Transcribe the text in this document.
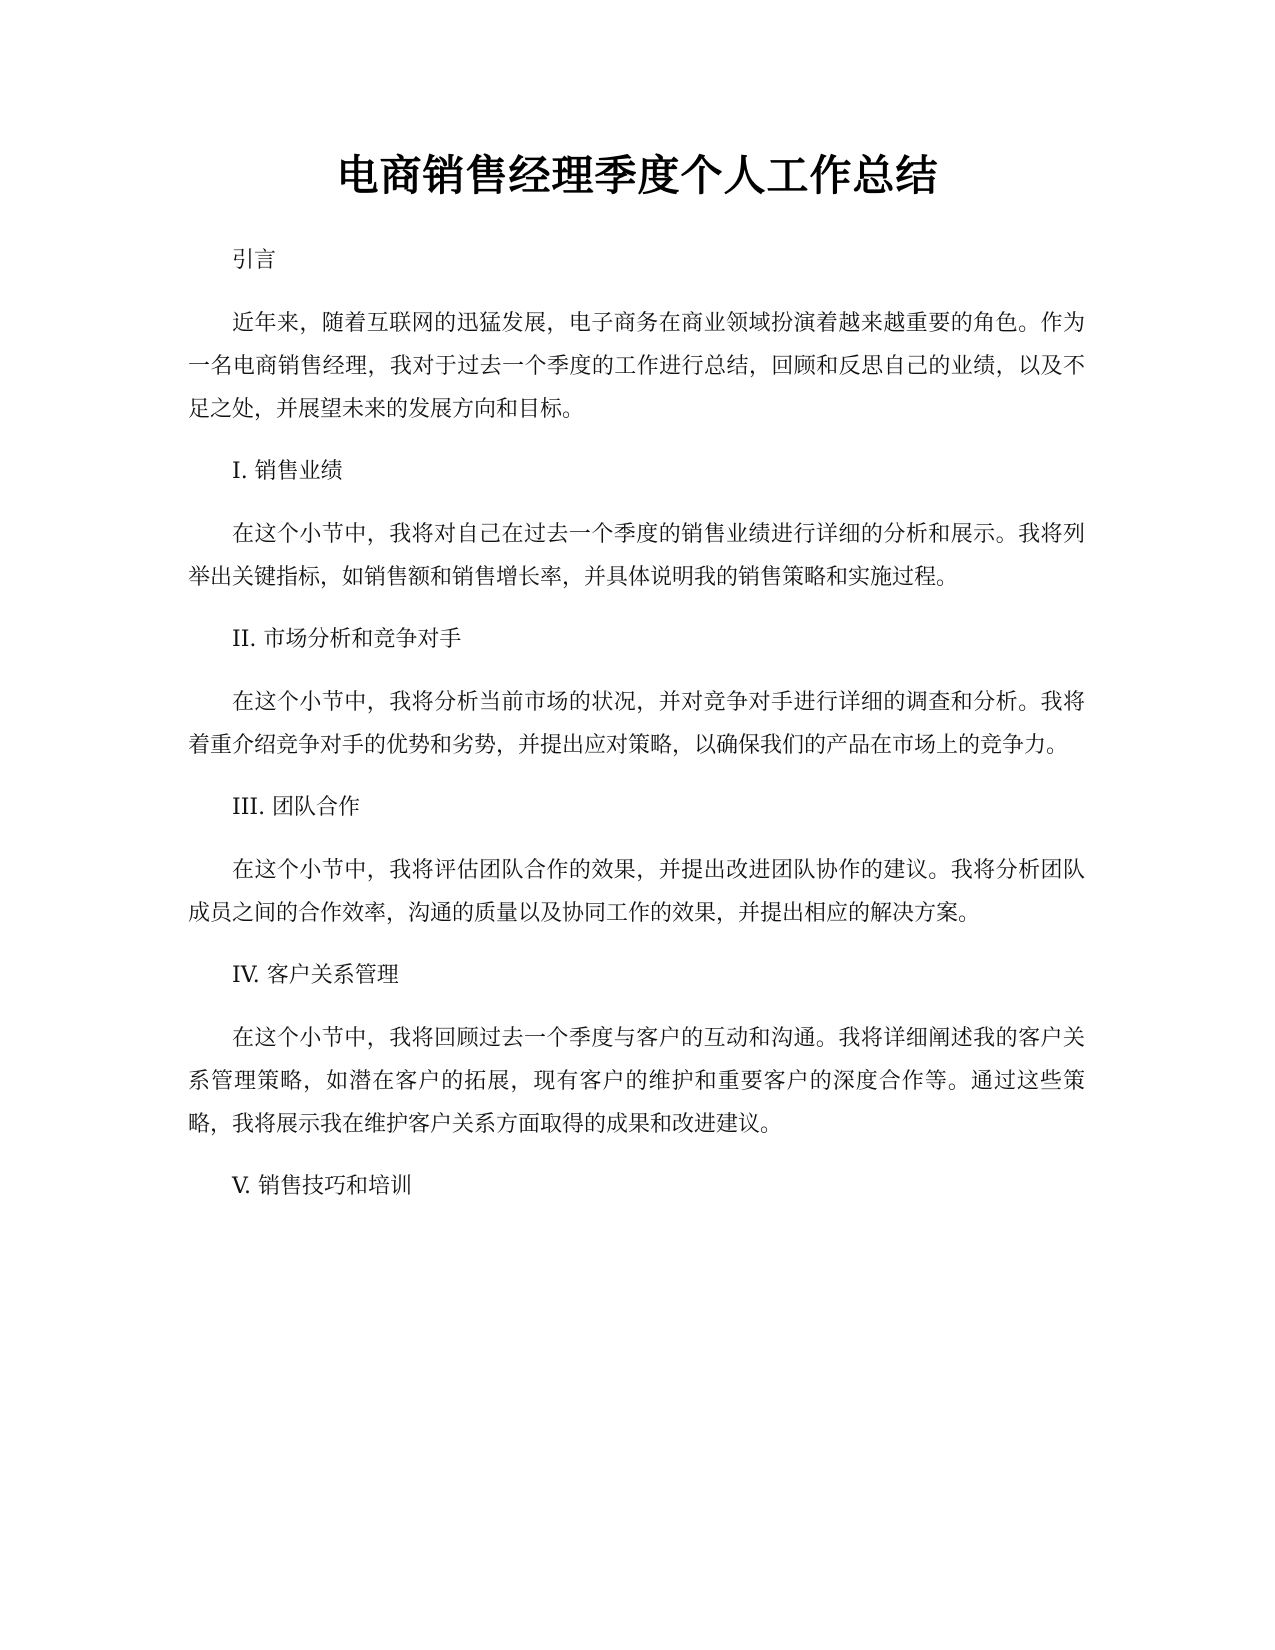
电商销售经理季度个人工作总结

引言

近年来，随着互联网的迅猛发展，电子商务在商业领域扮演着越来越重要的角色。作为一名电商销售经理，我对于过去一个季度的工作进行总结，回顾和反思自己的业绩，以及不足之处，并展望未来的发展方向和目标。

I. 销售业绩

在这个小节中，我将对自己在过去一个季度的销售业绩进行详细的分析和展示。我将列举出关键指标，如销售额和销售增长率，并具体说明我的销售策略和实施过程。

II. 市场分析和竞争对手

在这个小节中，我将分析当前市场的状况，并对竞争对手进行详细的调查和分析。我将着重介绍竞争对手的优势和劣势，并提出应对策略，以确保我们的产品在市场上的竞争力。

III. 团队合作

在这个小节中，我将评估团队合作的效果，并提出改进团队协作的建议。我将分析团队成员之间的合作效率，沟通的质量以及协同工作的效果，并提出相应的解决方案。

IV. 客户关系管理

在这个小节中，我将回顾过去一个季度与客户的互动和沟通。我将详细阐述我的客户关系管理策略，如潜在客户的拓展，现有客户的维护和重要客户的深度合作等。通过这些策略，我将展示我在维护客户关系方面取得的成果和改进建议。

V. 销售技巧和培训
